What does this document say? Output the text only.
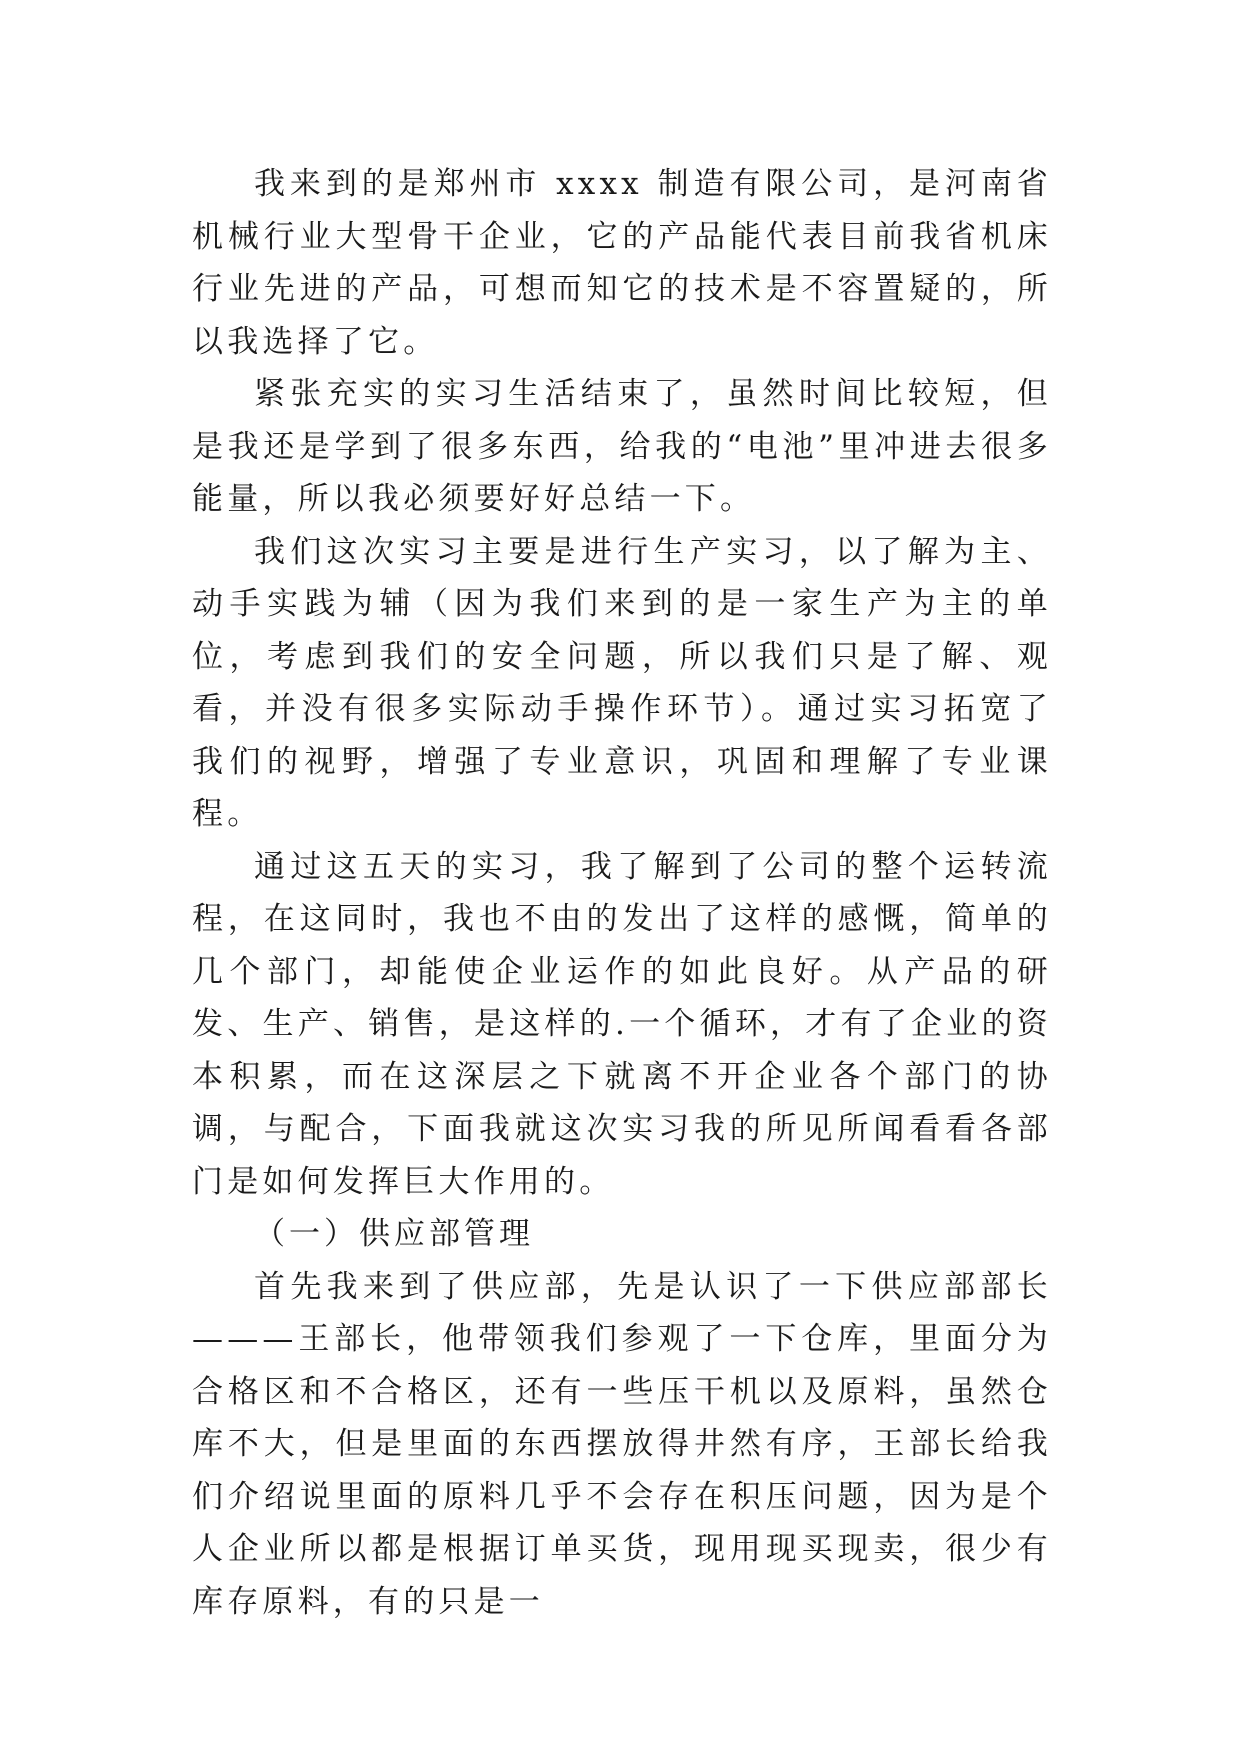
我来到的是郑州市 xxxx 制造有限公司，是河南省机械行业大型骨干企业，它的产品能代表目前我省机床行业先进的产品，可想而知它的技术是不容置疑的，所以我选择了它。

紧张充实的实习生活结束了，虽然时间比较短，但是我还是学到了很多东西，给我的“电池”里冲进去很多能量，所以我必须要好好总结一下。

我们这次实习主要是进行生产实习，以了解为主、动手实践为辅（因为我们来到的是一家生产为主的单位，考虑到我们的安全问题，所以我们只是了解、观看，并没有很多实际动手操作环节）。通过实习拓宽了我们的视野，增强了专业意识，巩固和理解了专业课程。

通过这五天的实习，我了解到了公司的整个运转流程，在这同时，我也不由的发出了这样的感慨，简单的几个部门，却能使企业运作的如此良好。从产品的研发、生产、销售，是这样的.一个循环，才有了企业的资本积累，而在这深层之下就离不开企业各个部门的协调，与配合，下面我就这次实习我的所见所闻看看各部门是如何发挥巨大作用的。

（一）供应部管理

首先我来到了供应部，先是认识了一下供应部部长———王部长，他带领我们参观了一下仓库，里面分为合格区和不合格区，还有一些压干机以及原料，虽然仓库不大，但是里面的东西摆放得井然有序，王部长给我们介绍说里面的原料几乎不会存在积压问题，因为是个人企业所以都是根据订单买货，现用现买现卖，很少有库存原料，有的只是一
